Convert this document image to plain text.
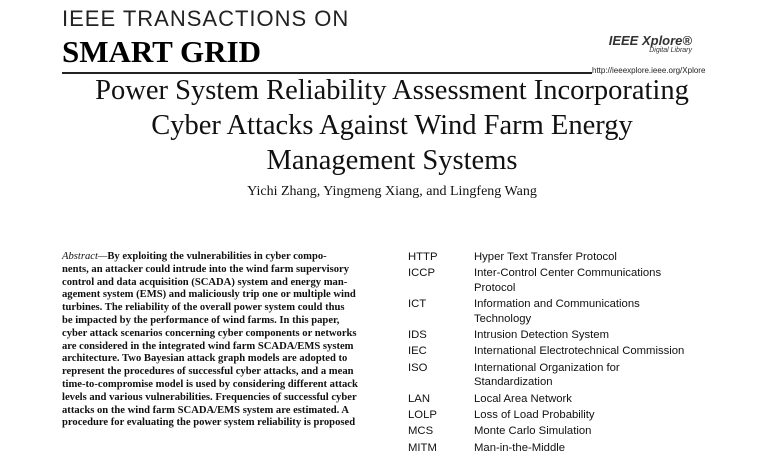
IEEE TRANSACTIONS ON
SMART GRID	IEEE Xplore®
Digital Library
http://ieeexplore.ieee.org/Xplore
Power System Reliability Assessment Incorporating
Cyber Attacks Against Wind Farm Energy
Management Systems
Yichi Zhang, Yingmeng Xiang, and Lingfeng Wang
Abstract—By exploiting the vulnerabilities in cyber compo-
nents, an attacker could intrude into the wind farm supervisory
control and data acquisition (SCADA) system and energy man-
agement system (EMS) and maliciously trip one or multiple wind
turbines. The reliability of the overall power system could thus
be impacted by the performance of wind farms. In this paper,
cyber attack scenarios concerning cyber components or networks
are considered in the integrated wind farm SCADA/EMS system
architecture. Two Bayesian attack graph models are adopted to
represent the procedures of successful cyber attacks, and a mean
time-to-compromise model is used by considering different attack
levels and various vulnerabilities. Frequencies of successful cyber
attacks on the wind farm SCADA/EMS system are estimated. A
procedure for evaluating the power system reliability is proposed
HTTP	Hyper Text Transfer Protocol
ICCP	Inter-Control Center Communications
Protocol
ICT	Information and Communications
Technology
IDS	Intrusion Detection System
IEC	International Electrotechnical Commission
ISO	International Organization for
Standardization
LAN	Local Area Network
LOLP	Loss of Load Probability
MCS	Monte Carlo Simulation
MITM	Man-in-the-Middle
